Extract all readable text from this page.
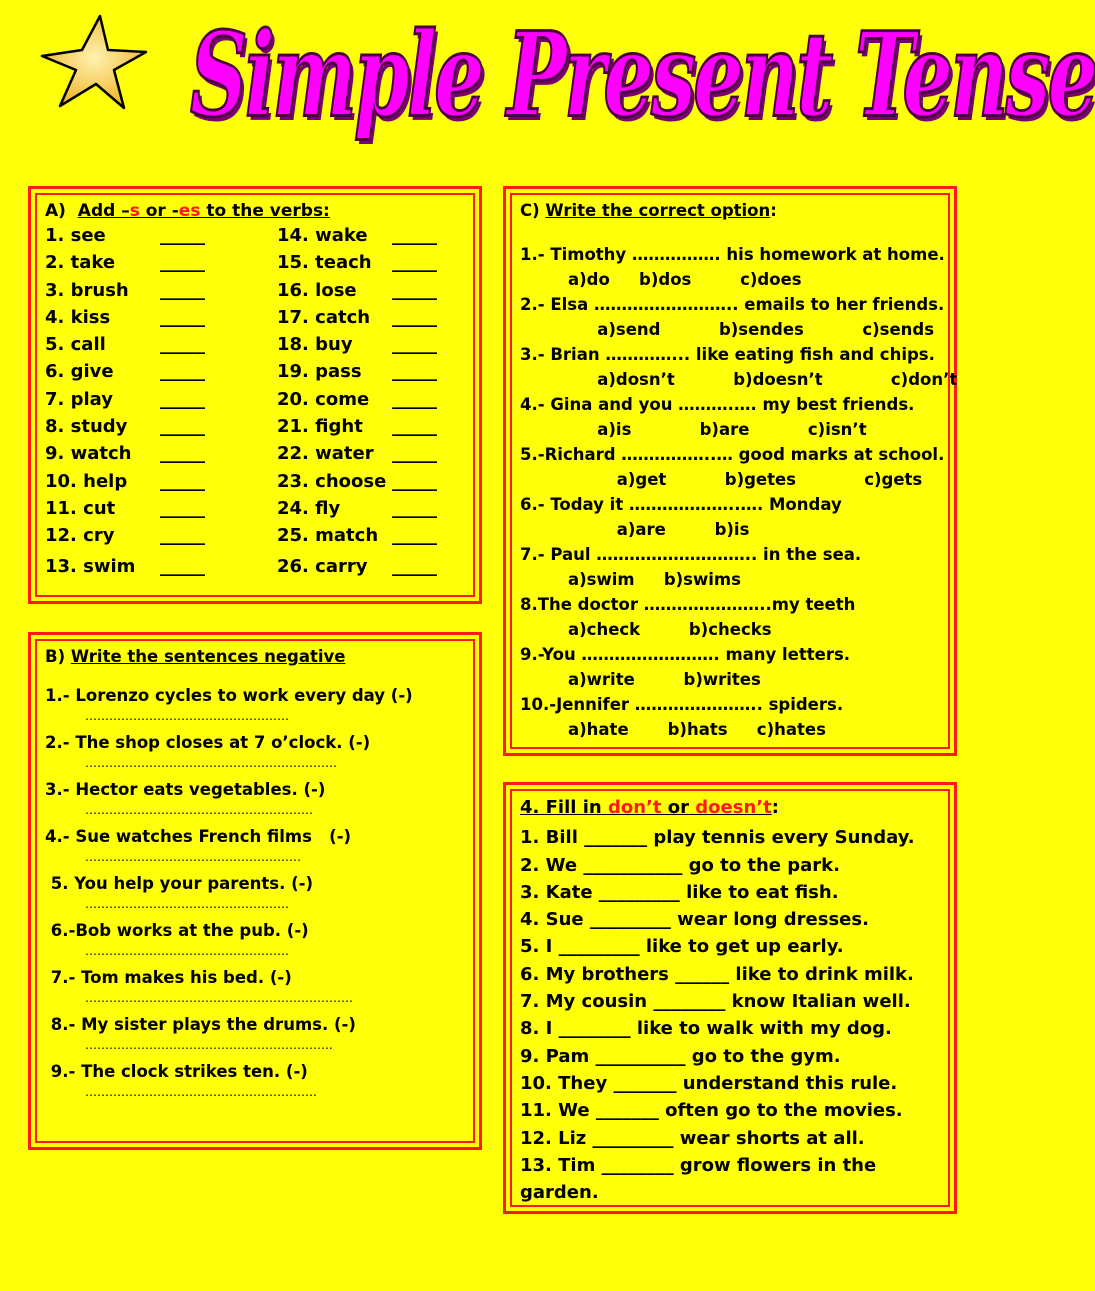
Simple Present Tense
A) Add –s or -es to the verbs:
1. see	_____
2. take	_____
3. brush	_____
4. kiss	_____
5. call	_____
6. give	_____
7. play	_____
8. study	_____
9. watch	_____
10. help	_____
11. cut	_____
12. cry	_____
13. swim	_____
14. wake	_____
15. teach	_____
16. lose	_____
17. catch	_____
18. buy	_____
19. pass	_____
20. come	_____
21. fight	_____
22. water	_____
23. choose _____
24. fly	_____
25. match _____
26. carry	_____
B) Write the sentences negative
1.- Lorenzo cycles to work every day (-)
……………………………………………
2.- The shop closes at 7 o’clock. (-)
………………………………………………………
3.- Hector eats vegetables. (-)
…………………………………………………
4.- Sue watches French films   (-)
………………………………………………
5. You help your parents. (-)
……………………………………………
6.-Bob works at the pub. (-)
……………………………………………
7.- Tom makes his bed. (-)
………………………………………………………….
8.- My sister plays the drums. (-)
……………………………………………………..
9.- The clock strikes ten. (-)
………………………………………………….
C) Write the correct option:
1.- Timothy ……………. his homework at home.
a)do   b)dos     c)does
2.- Elsa …………………….. emails to her friends.
a)send      b)sendes      c)sends
3.- Brian …………... like eating fish and chips.
a)dosn’t      b)doesn’t       c)don’t
4.- Gina and you ……….…. my best friends.
a)is       b)are      c)isn’t
5.-Richard ……………..… good marks at school.
a)get      b)getes       c)gets
6.- Today it ………………..…. Monday
a)are     b)is
7.- Paul ……………………….. in the sea.
a)swim   b)swims
8.The doctor …………………..my teeth
a)check     b)checks
9.-You ……………………. many letters.
a)write     b)writes
10.-Jennifer ………………….. spiders.
a)hate    b)hats   c)hates
4. Fill in don’t or doesn’t:
1. Bill _______ play tennis every Sunday.
2. We ___________ go to the park.
3. Kate _________ like to eat fish.
4. Sue _________ wear long dresses.
5. I _________ like to get up early.
6. My brothers ______ like to drink milk.
7. My cousin ________ know Italian well.
8. I ________ like to walk with my dog.
9. Pam __________ go to the gym.
10. They _______ understand this rule.
11. We _______ often go to the movies.
12. Liz _________ wear shorts at all.
13. Tim ________ grow flowers in the
garden.
